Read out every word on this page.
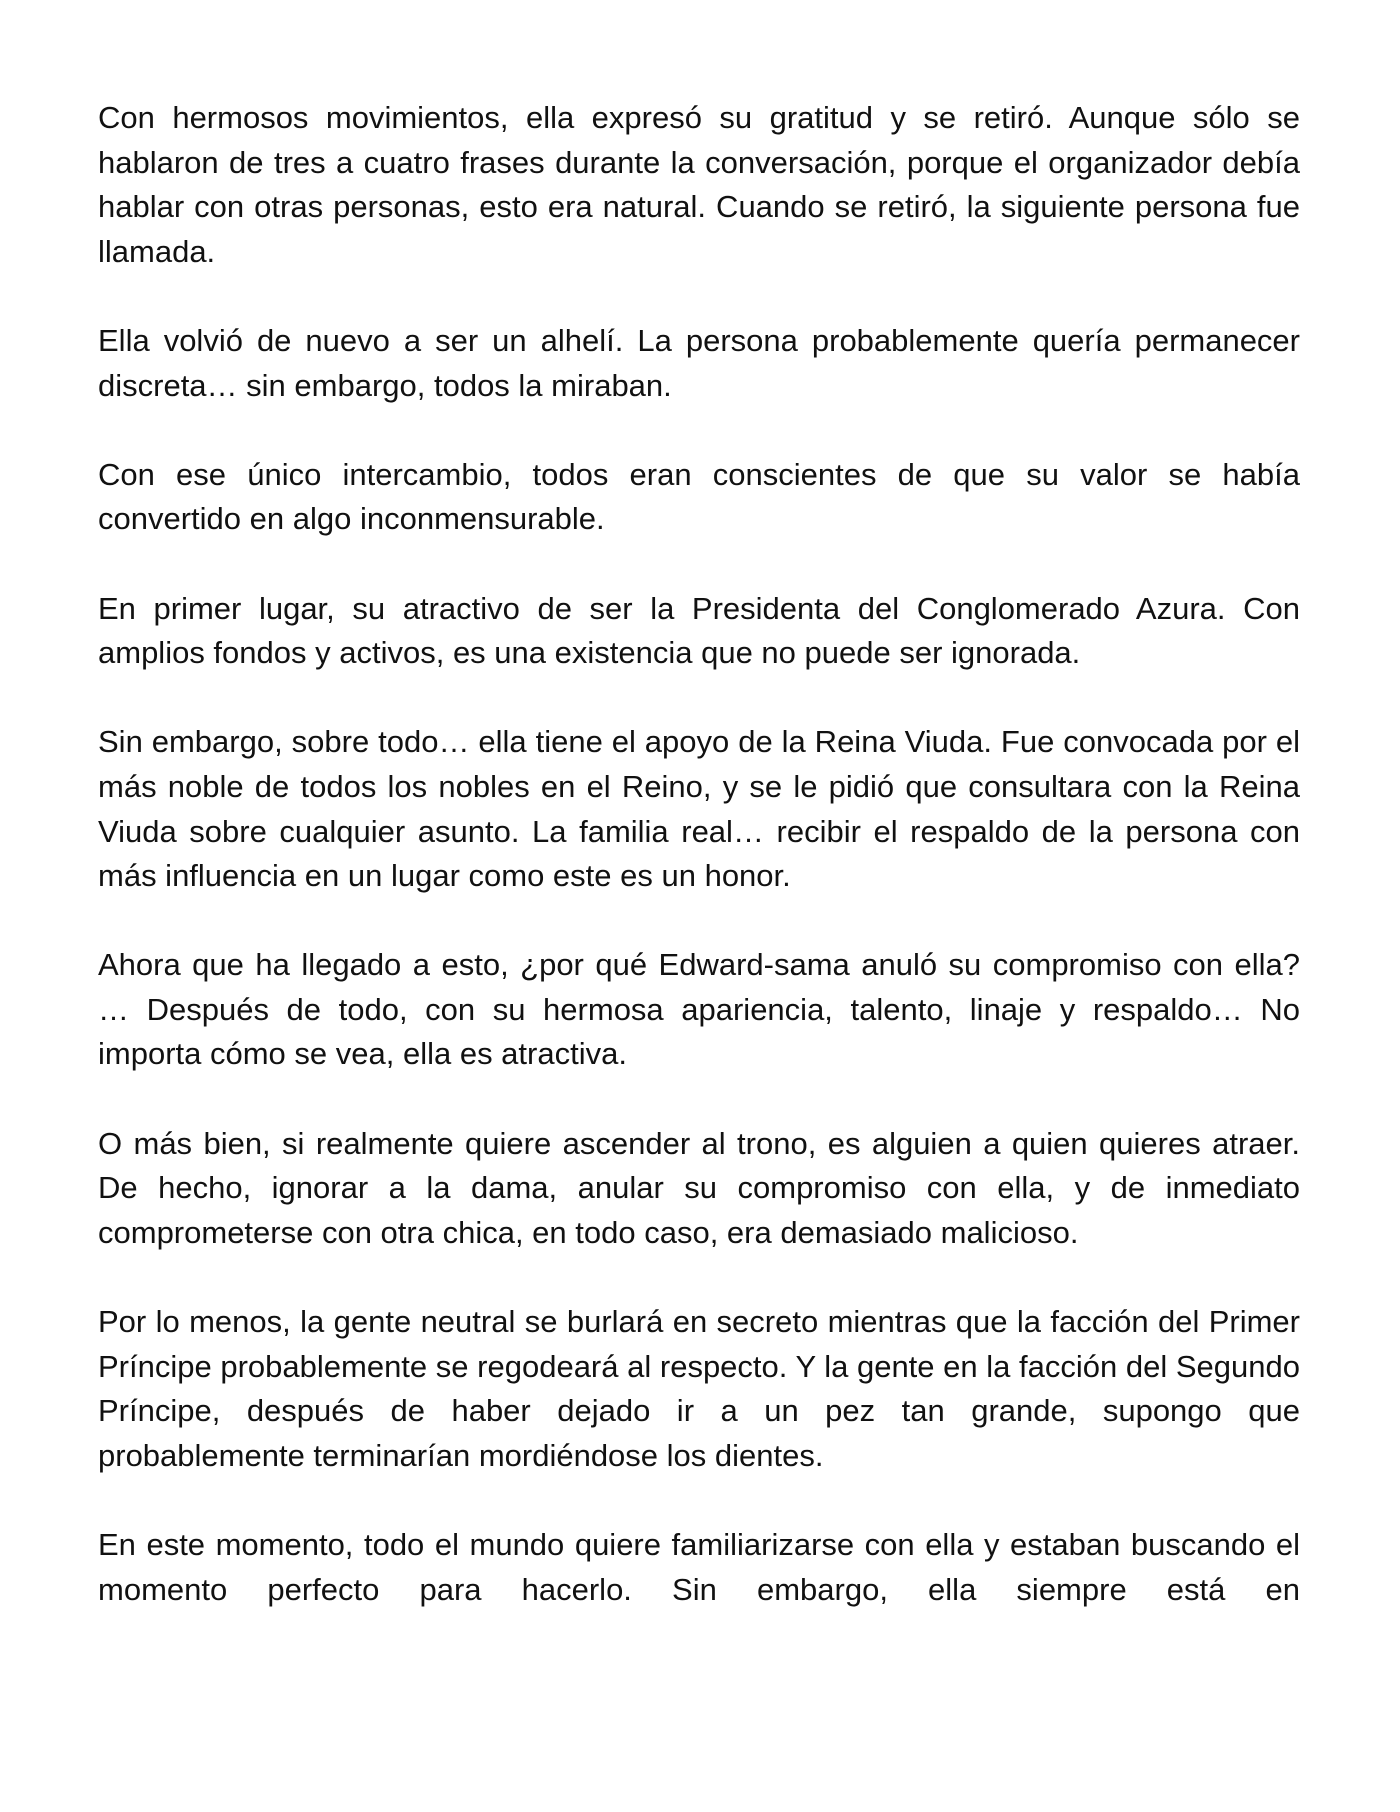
Con hermosos movimientos, ella expresó su gratitud y se retiró. Aunque sólo se hablaron de tres a cuatro frases durante la conversación, porque el organizador debía hablar con otras personas, esto era natural. Cuando se retiró, la siguiente persona fue llamada.

Ella volvió de nuevo a ser un alhelí. La persona probablemente quería permanecer discreta… sin embargo, todos la miraban.

Con ese único intercambio, todos eran conscientes de que su valor se había convertido en algo inconmensurable.

En primer lugar, su atractivo de ser la Presidenta del Conglomerado Azura. Con amplios fondos y activos, es una existencia que no puede ser ignorada.

Sin embargo, sobre todo… ella tiene el apoyo de la Reina Viuda. Fue convocada por el más noble de todos los nobles en el Reino, y se le pidió que consultara con la Reina Viuda sobre cualquier asunto. La familia real… recibir el respaldo de la persona con más influencia en un lugar como este es un honor.

Ahora que ha llegado a esto, ¿por qué Edward-sama anuló su compromiso con ella? … Después de todo, con su hermosa apariencia, talento, linaje y respaldo… No importa cómo se vea, ella es atractiva.

O más bien, si realmente quiere ascender al trono, es alguien a quien quieres atraer. De hecho, ignorar a la dama, anular su compromiso con ella, y de inmediato comprometerse con otra chica, en todo caso, era demasiado malicioso.

Por lo menos, la gente neutral se burlará en secreto mientras que la facción del Primer Príncipe probablemente se regodeará al respecto. Y la gente en la facción del Segundo Príncipe, después de haber dejado ir a un pez tan grande, supongo que probablemente terminarían mordiéndose los dientes.

En este momento, todo el mundo quiere familiarizarse con ella y estaban buscando el momento perfecto para hacerlo. Sin embargo, ella siempre está en
